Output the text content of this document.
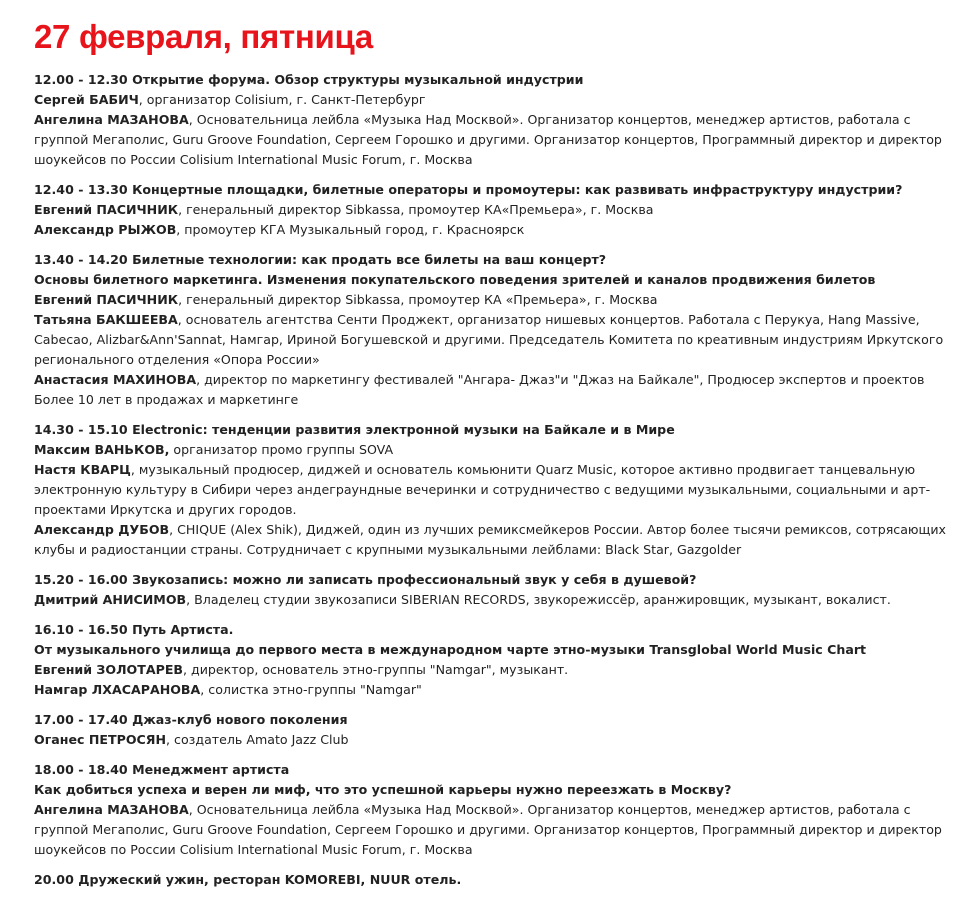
27 февраля, пятница
12.00 - 12.30 Открытие форума. Обзор структуры музыкальной индустрии
Сергей БАБИЧ, организатор Colisium, г. Санкт-Петербург
Ангелина МАЗАНОВА, Основательница лейбла «Музыка Над Москвой». Организатор концертов, менеджер артистов, работала с группой Мегаполис, Guru Groove Foundation, Сергеем Горошко и другими. Организатор концертов, Программный директор и директор шоукейсов по России Colisium International Music Forum, г. Москва
12.40 - 13.30 Концертные площадки, билетные операторы и промоутеры: как развивать инфраструктуру индустрии?
Евгений ПАСИЧНИК, генеральный директор Sibkassa, промоутер КА«Премьера», г. Москва
Александр РЫЖОВ, промоутер КГА Музыкальный город, г. Красноярск
13.40 - 14.20 Билетные технологии: как продать все билеты на ваш концерт?
Основы билетного маркетинга. Изменения покупательского поведения зрителей и каналов продвижения билетов
Евгений ПАСИЧНИК, генеральный директор Sibkassa, промоутер КА «Премьера», г. Москва
Татьяна БАКШЕЕВА, основатель агентства Сенти Проджект, организатор нишевых концертов. Работала с Перукуа, Hang Massive, Cabecao, Alizbar&Ann'Sannat, Намгар, Ириной Богушевской и другими. Председатель Комитета по креативным индустриям Иркутского регионального отделения «Опора России»
Анастасия МАХИНОВА, директор по маркетингу фестивалей "Ангара- Джаз"и "Джаз на Байкале", Продюсер экспертов и проектов Более 10 лет в продажах и маркетинге
14.30 - 15.10 Electronic: тенденции развития электронной музыки на Байкале и в Мире
Максим ВАНЬКОВ, организатор промо группы SOVA
Настя КВАРЦ, музыкальный продюсер, диджей и основатель комьюнити Quarz Music, которое активно продвигает танцевальную электронную культуру в Сибири через андеграундные вечеринки и сотрудничество с ведущими музыкальными, социальными и арт-проектами Иркутска и других городов.
Александр ДУБОВ, CHIQUE (Alex Shik), Диджей, один из лучших ремиксмейкеров России. Автор более тысячи ремиксов, сотрясающих клубы и радиостанции страны. Сотрудничает с крупными музыкальными лейблами: Black Star, Gazgolder
15.20 - 16.00 Звукозапись: можно ли записать профессиональный звук у себя в душевой?
Дмитрий АНИСИМОВ, Владелец студии звукозаписи SIBERIAN RECORDS, звукорежиссёр, аранжировщик, музыкант, вокалист.
16.10 - 16.50 Путь Артиста.
От музыкального училища до первого места в международном чарте этно-музыки Transglobal World Music Chart
Евгений ЗОЛОТАРЕВ, директор, основатель этно-группы "Namgar", музыкант.
Намгар ЛХАСАРАНОВА, солистка этно-группы "Namgar"
17.00 - 17.40 Джаз-клуб нового поколения
Оганес ПЕТРОСЯН, создатель Amato Jazz Club
18.00 - 18.40 Менеджмент артиста
Как добиться успеха и верен ли миф, что это успешной карьеры нужно переезжать в Москву?
Ангелина МАЗАНОВА, Основательница лейбла «Музыка Над Москвой». Организатор концертов, менеджер артистов, работала с группой Мегаполис, Guru Groove Foundation, Сергеем Горошко и другими. Организатор концертов, Программный директор и директор шоукейсов по России Colisium International Music Forum, г. Москва
20.00 Дружеский ужин, ресторан KOMOREBI, NUUR отель.
